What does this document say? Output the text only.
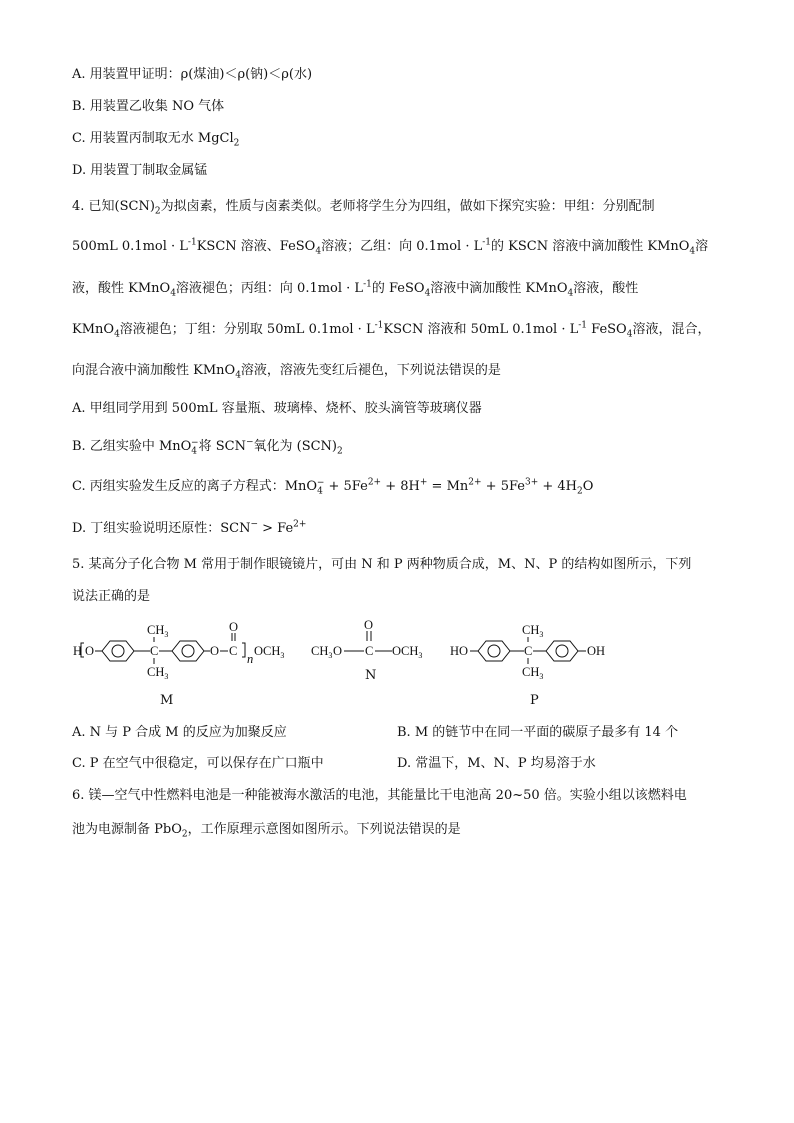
A. 用装置甲证明：ρ(煤油)＜ρ(钠)＜ρ(水)
B. 用装置乙收集 NO 气体
C. 用装置丙制取无水 MgCl$_2$
D. 用装置丁制取金属锰
4. 已知$(SCN)_2$为拟卤素，性质与卤素类似。老师将学生分为四组，做如下探究实验：甲组：分别配制
500mL $0.1mol \cdot L^{-1}KSCN$ 溶液、FeSO$_4$溶液；乙组：向 $0.1mol \cdot L^{-1}$的 KSCN 溶液中滴加酸性 KMnO$_4$溶
液，酸性 KMnO$_4$溶液褪色；丙组：向 $0.1mol \cdot L^{-1}$的 FeSO$_4$溶液中滴加酸性 KMnO$_4$溶液，酸性
KMnO$_4$溶液褪色；丁组：分别取 50mL $0.1mol \cdot L^{-1}KSCN$ 溶液和 50mL $0.1mol \cdot L^{-1}$ FeSO$_4$溶液，混合，
向混合液中滴加酸性 KMnO$_4$溶液，溶液先变红后褪色，下列说法错误的是
A. 甲组同学用到 500mL 容量瓶、玻璃棒、烧杯、胶头滴管等玻璃仪器
B. 乙组实验中 MnO$_4$−将 SCN−氧化为 $(SCN)_2$
C. 丙组实验发生反应的离子方程式：$MnO_4^- + 5Fe^{2+} + 8H^+ = Mn^{2+} + 5Fe^{3+} + 4H_2O$
D. 丁组实验说明还原性：$SCN^- > Fe^{2+}$
5. 某高分子化合物 M 常用于制作眼镜镜片，可由 N 和 P 两种物质合成，M、N、P 的结构如图所示，下列
说法正确的是
H O	C
$CH_3$
$CH_3$
O C
O
n
$OCH_3$
M
$CH_3$ O C
O
$OCH_3$
N
HO	C
$CH_3$
$CH_3$
OH
P
A. N 与 P 合成 M 的反应为加聚反应	B. M 的链节中在同一平面的碳原子最多有 14 个
C. P 在空气中很稳定，可以保存在广口瓶中	D. 常温下，M、N、P 均易溶于水
6. 镁—空气中性燃料电池是一种能被海水激活的电池，其能量比干电池高 20~50 倍。实验小组以该燃料电
池为电源制备 PbO$_2$，工作原理示意图如图所示。下列说法错误的是
